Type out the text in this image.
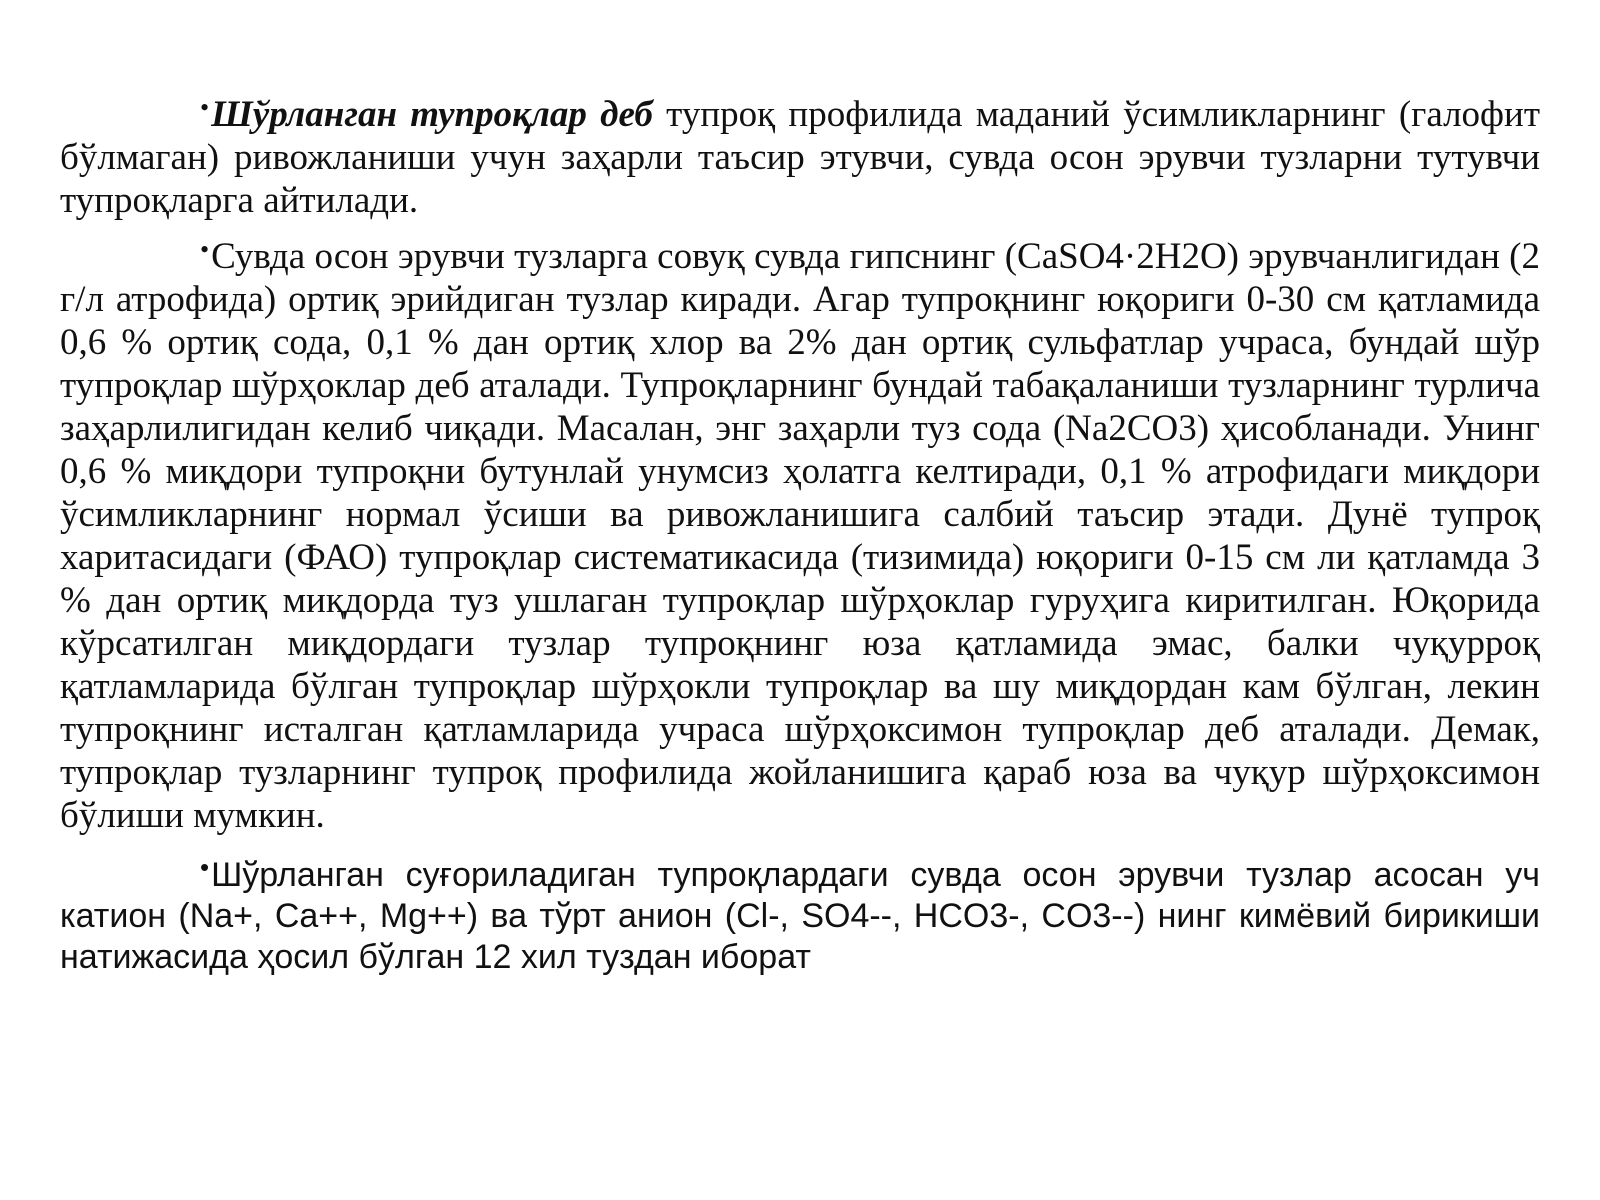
•Шўрланган тупроқлар деб тупроқ профилида маданий ўсимликларнинг (галофит бўлмаган) ривожланиши учун заҳарли таъсир этувчи, сувда осон эрувчи тузларни тутувчи тупроқларга айтилади.

•Сувда осон эрувчи тузларга совуқ сувда гипснинг (CaSO4·2H2O) эрувчанлигидан (2 г/л атрофида) ортиқ эрийдиган тузлар киради. Агар тупроқнинг юқориги 0-30 см қатламида 0,6 % ортиқ сода, 0,1 % дан ортиқ хлор ва 2% дан ортиқ сульфатлар учраса, бундай шўр тупроқлар шўрҳоклар деб аталади. Тупроқларнинг бундай табақаланиши тузларнинг турлича заҳарлилигидан келиб чиқади. Масалан, энг заҳарли туз сода (Na2CO3) ҳисобланади. Унинг 0,6 % миқдори тупроқни бутунлай унумсиз ҳолатга келтиради, 0,1 % атрофидаги миқдори ўсимликларнинг нормал ўсиши ва ривожланишига салбий таъсир этади. Дунё тупроқ харитасидаги (ФАО) тупроқлар систематикасида (тизимида) юқориги 0-15 см ли қатламда 3 % дан ортиқ миқдорда туз ушлаган тупроқлар шўрҳоклар гуруҳига киритилган. Юқорида кўрсатилган миқдордаги тузлар тупроқнинг юза қатламида эмас, балки чуқурроқ қатламларида бўлган тупроқлар шўрҳокли тупроқлар ва шу миқдордан кам бўлган, лекин тупроқнинг исталган қатламларида учраса шўрҳоксимон тупроқлар деб аталади. Демак, тупроқлар тузларнинг тупроқ профилида жойланишига қараб юза ва чуқур шўрҳоксимон бўлиши мумкин.

•Шўрланган суғориладиган тупроқлардаги сувда осон эрувчи тузлар асосан уч катион (Na+, Ca++, Mg++) ва тўрт анион (Cl-, SO4--, HCO3-, CO3--) нинг кимёвий бирикиши натижасида ҳосил бўлган 12 хил туздан иборат
